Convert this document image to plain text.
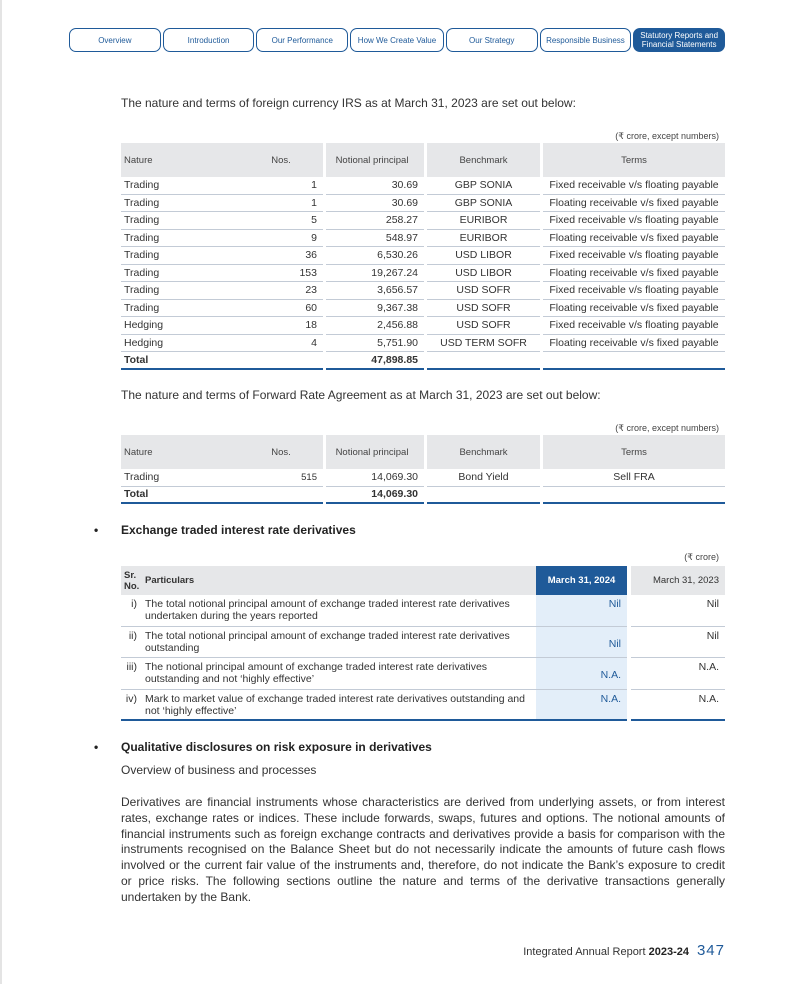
Overview	Introduction	Our Performance	How We Create Value	Our Strategy	Responsible Business	Statutory Reports and Financial Statements
The nature and terms of foreign currency IRS as at March 31, 2023 are set out below:
(₹ crore, except numbers)
Nature	Nos.		Notional principal		Benchmark		Terms
Trading	1		30.69		GBP SONIA		Fixed receivable v/s floating payable
Trading	1		30.69		GBP SONIA		Floating receivable v/s fixed payable
Trading	5		258.27		EURIBOR		Fixed receivable v/s floating payable
Trading	9		548.97		EURIBOR		Floating receivable v/s fixed payable
Trading	36		6,530.26		USD LIBOR		Fixed receivable v/s floating payable
Trading	153		19,267.24		USD LIBOR		Floating receivable v/s fixed payable
Trading	23		3,656.57		USD SOFR		Fixed receivable v/s floating payable
Trading	60		9,367.38		USD SOFR		Floating receivable v/s fixed payable
Hedging	18		2,456.88		USD SOFR		Fixed receivable v/s floating payable
Hedging	4		5,751.90		USD TERM SOFR		Floating receivable v/s fixed payable
Total			47,898.85				
The nature and terms of Forward Rate Agreement as at March 31, 2023 are set out below:
(₹ crore, except numbers)
Nature	Nos.		Notional principal		Benchmark		Terms
Trading	515		14,069.30		Bond Yield		Sell FRA
Total			14,069.30				
• Exchange traded interest rate derivatives
(₹ crore)
Sr. No.	Particulars	March 31, 2024		March 31, 2023
i)	The total notional principal amount of exchange traded interest rate derivatives undertaken during the years reported	Nil		Nil
ii)	The total notional principal amount of exchange traded interest rate derivatives outstanding	Nil		Nil
iii)	The notional principal amount of exchange traded interest rate derivatives outstanding and not ‘highly effective’	N.A.		N.A.
iv)	Mark to market value of exchange traded interest rate derivatives outstanding and not ‘highly effective’	N.A.		N.A.
• Qualitative disclosures on risk exposure in derivatives
Overview of business and processes
Derivatives are financial instruments whose characteristics are derived from underlying assets, or from interest rates, exchange rates or indices. These include forwards, swaps, futures and options. The notional amounts of financial instruments such as foreign exchange contracts and derivatives provide a basis for comparison with the instruments recognised on the Balance Sheet but do not necessarily indicate the amounts of future cash flows involved or the current fair value of the instruments and, therefore, do not indicate the Bank’s exposure to credit or price risks. The following sections outline the nature and terms of the derivative transactions generally undertaken by the Bank.
Integrated Annual Report 2023-24 347
